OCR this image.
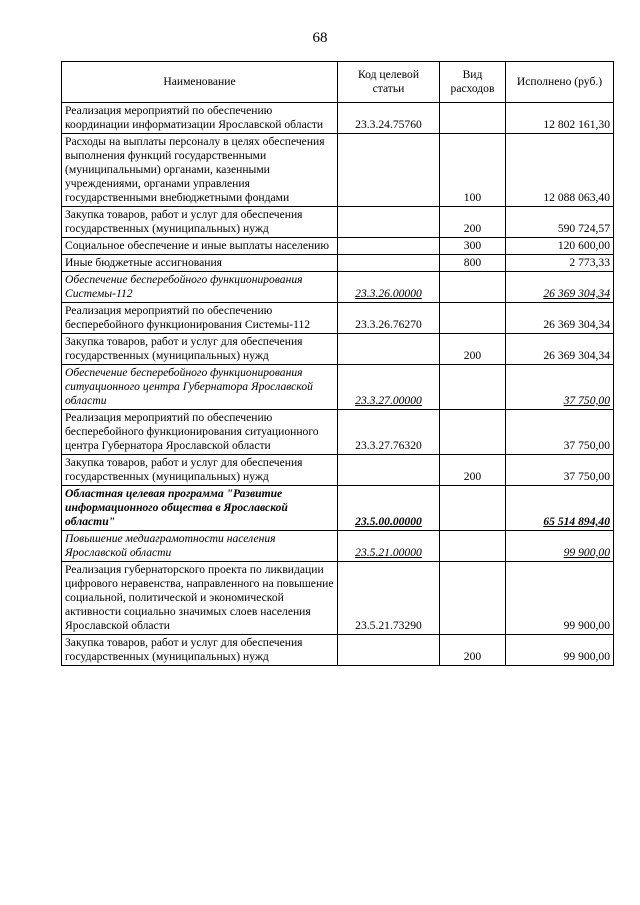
68
Наименование	Код целевой статьи	Вид расходов	Исполнено (руб.)
Реализация мероприятий по обеспечению координации информатизации Ярославской области	23.3.24.75760		12 802 161,30
Расходы на выплаты персоналу в целях обеспечения выполнения функций государственными (муниципальными) органами, казенными учреждениями, органами управления государственными внебюджетными фондами		100	12 088 063,40
Закупка товаров, работ и услуг для обеспечения государственных (муниципальных) нужд		200	590 724,57
Социальное обеспечение и иные выплаты населению		300	120 600,00
Иные бюджетные ассигнования		800	2 773,33
Обеспечение бесперебойного функционирования Системы-112	23.3.26.00000		26 369 304,34
Реализация мероприятий по обеспечению бесперебойного функционирования Системы-112	23.3.26.76270		26 369 304,34
Закупка товаров, работ и услуг для обеспечения государственных (муниципальных) нужд		200	26 369 304,34
Обеспечение бесперебойного функционирования ситуационного центра Губернатора Ярославской области	23.3.27.00000		37 750,00
Реализация мероприятий по обеспечению бесперебойного функционирования ситуационного центра Губернатора Ярославской области	23.3.27.76320		37 750,00
Закупка товаров, работ и услуг для обеспечения государственных (муниципальных) нужд		200	37 750,00
Областная целевая программа "Развитие информационного общества в Ярославской области"	23.5.00.00000		65 514 894,40
Повышение медиаграмотности населения Ярославской области	23.5.21.00000		99 900,00
Реализация губернаторского проекта по ликвидации цифрового неравенства, направленного на повышение социальной, политической и экономической активности социально значимых слоев населения Ярославской области	23.5.21.73290		99 900,00
Закупка товаров, работ и услуг для обеспечения государственных (муниципальных) нужд		200	99 900,00
